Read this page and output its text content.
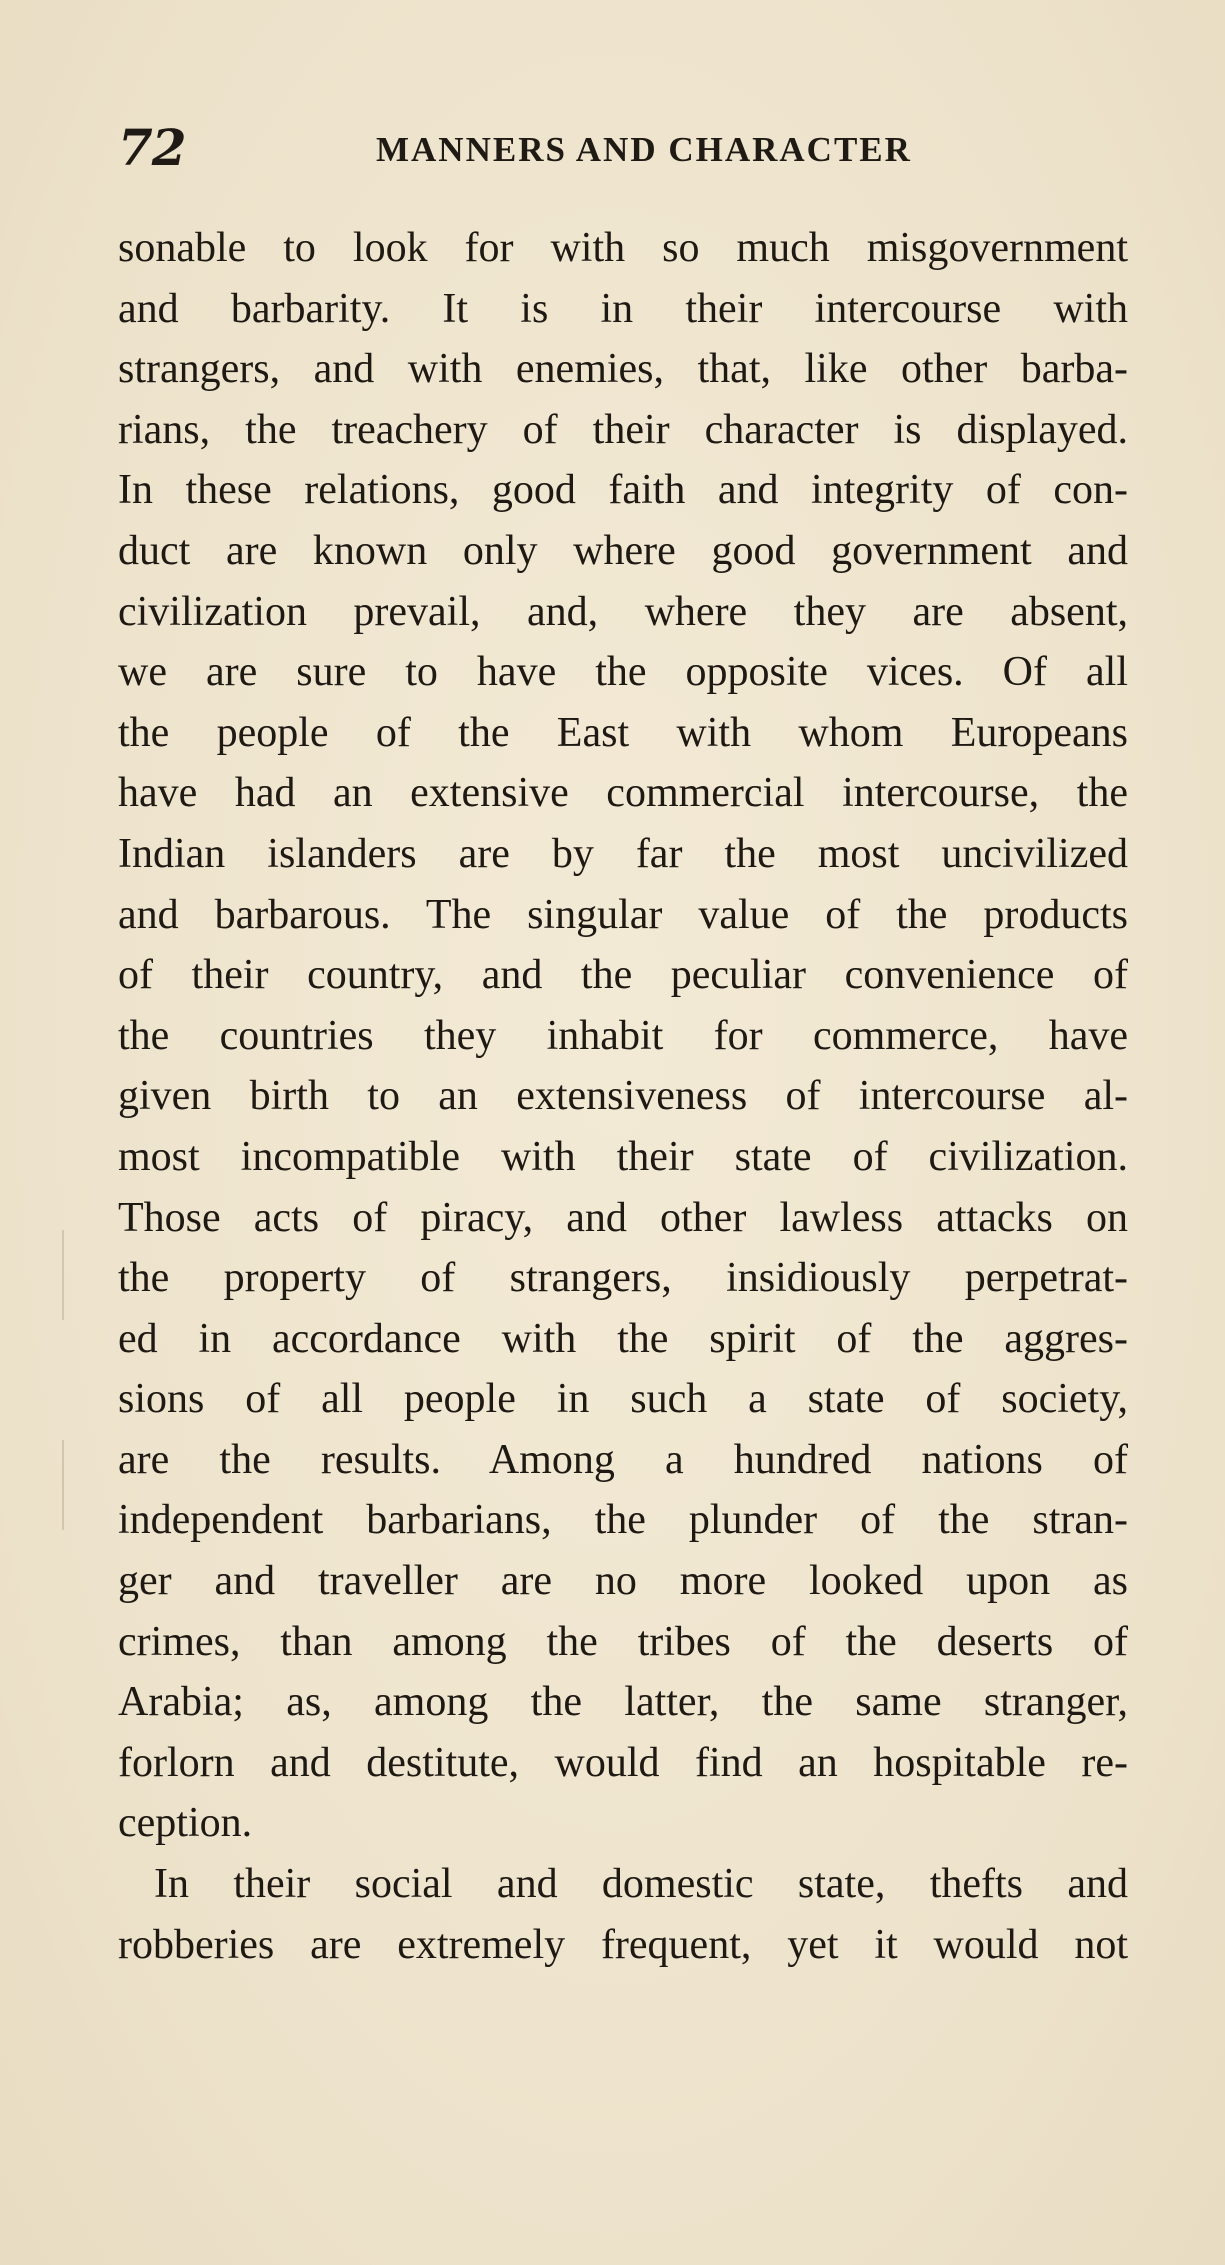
72	MANNERS AND CHARACTER
sonable to look for with so much misgovernment
and barbarity. It is in their intercourse with
strangers, and with enemies, that, like other barba-
rians, the treachery of their character is displayed.
In these relations, good faith and integrity of con-
duct are known only where good government and
civilization prevail, and, where they are absent,
we are sure to have the opposite vices. Of all
the people of the East with whom Europeans
have had an extensive commercial intercourse, the
Indian islanders are by far the most uncivilized
and barbarous. The singular value of the products
of their country, and the peculiar convenience of
the countries they inhabit for commerce, have
given birth to an extensiveness of intercourse al-
most incompatible with their state of civilization.
Those acts of piracy, and other lawless attacks on
the property of strangers, insidiously perpetrat-
ed in accordance with the spirit of the aggres-
sions of all people in such a state of society,
are the results. Among a hundred nations of
independent barbarians, the plunder of the stran-
ger and traveller are no more looked upon as
crimes, than among the tribes of the deserts of
Arabia; as, among the latter, the same stranger,
forlorn and destitute, would find an hospitable re-
ception.
In their social and domestic state, thefts and
robberies are extremely frequent, yet it would not
